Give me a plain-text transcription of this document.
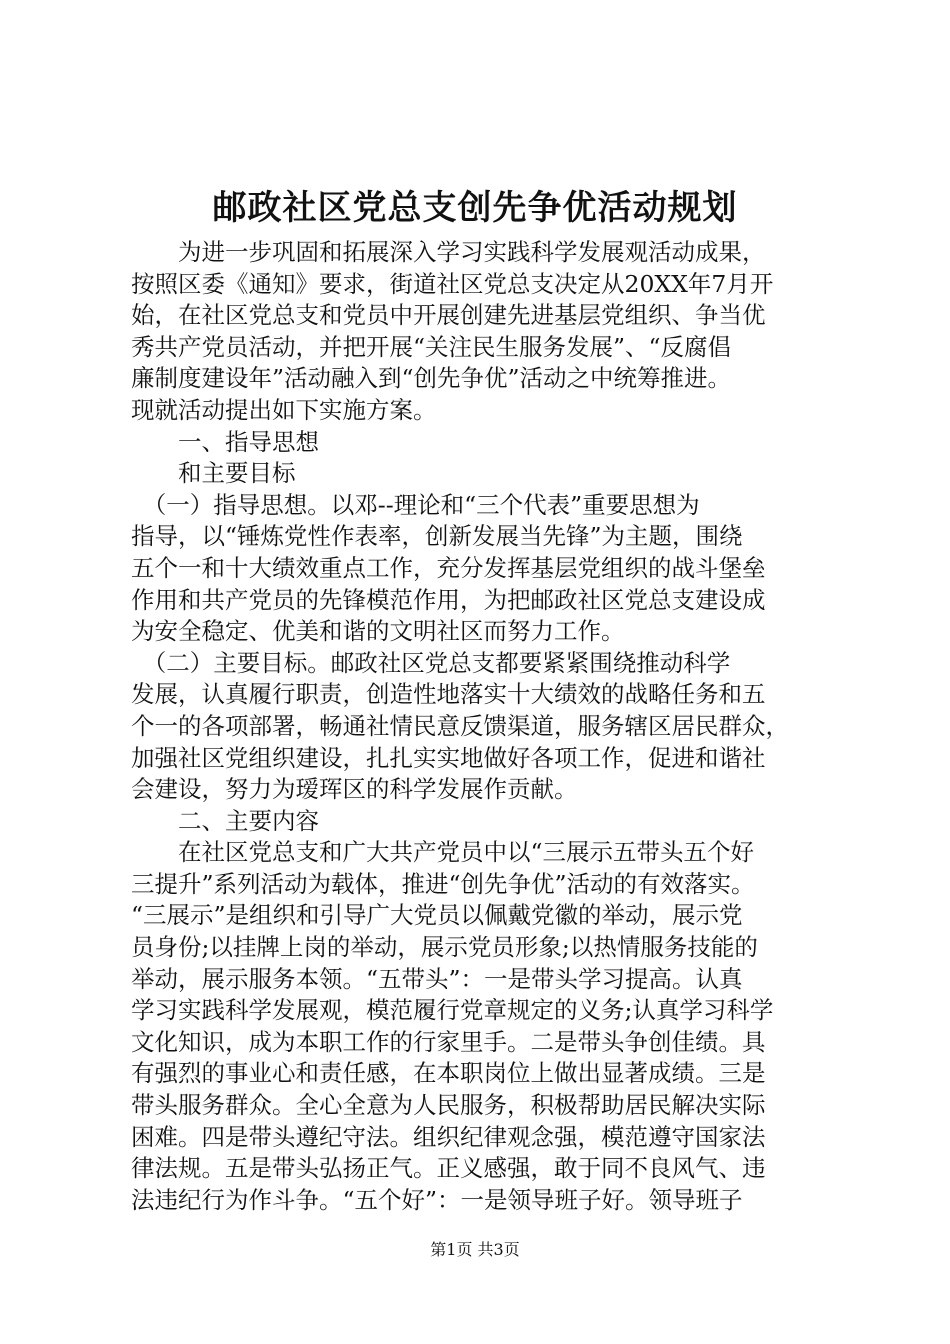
邮政社区党总支创先争优活动规划
　　为进一步巩固和拓展深入学习实践科学发展观活动成果，
按照区委《通知》要求，街道社区党总支决定从20XX年7月开
始，在社区党总支和党员中开展创建先进基层党组织、争当优
秀共产党员活动，并把开展“关注民生服务发展”、“反腐倡
廉制度建设年”活动融入到“创先争优”活动之中统筹推进。
现就活动提出如下实施方案。
　　一、指导思想
　　和主要目标
　（一）指导思想。以邓--理论和“三个代表”重要思想为
指导，以“锤炼党性作表率，创新发展当先锋”为主题，围绕
五个一和十大绩效重点工作，充分发挥基层党组织的战斗堡垒
作用和共产党员的先锋模范作用，为把邮政社区党总支建设成
为安全稳定、优美和谐的文明社区而努力工作。
　（二）主要目标。邮政社区党总支都要紧紧围绕推动科学
发展，认真履行职责，创造性地落实十大绩效的战略任务和五
个一的各项部署，畅通社情民意反馈渠道，服务辖区居民群众，
加强社区党组织建设，扎扎实实地做好各项工作，促进和谐社
会建设，努力为瑷珲区的科学发展作贡献。
　　二、主要内容
　　在社区党总支和广大共产党员中以“三展示五带头五个好
三提升”系列活动为载体，推进“创先争优”活动的有效落实。
“三展示”是组织和引导广大党员以佩戴党徽的举动，展示党
员身份;以挂牌上岗的举动，展示党员形象;以热情服务技能的
举动，展示服务本领。“五带头”：一是带头学习提高。认真
学习实践科学发展观，模范履行党章规定的义务;认真学习科学
文化知识，成为本职工作的行家里手。二是带头争创佳绩。具
有强烈的事业心和责任感，在本职岗位上做出显著成绩。三是
带头服务群众。全心全意为人民服务，积极帮助居民解决实际
困难。四是带头遵纪守法。组织纪律观念强，模范遵守国家法
律法规。五是带头弘扬正气。正义感强，敢于同不良风气、违
法违纪行为作斗争。“五个好”：一是领导班子好。领导班子
第1页 共3页
